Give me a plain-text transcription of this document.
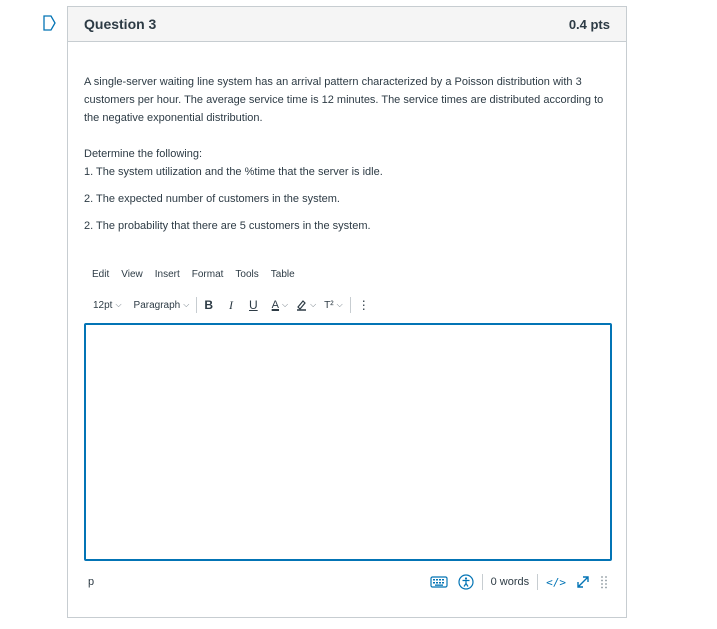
Question 3	0.4 pts

A single-server waiting line system has an arrival pattern characterized by a Poisson distribution with 3 customers per hour. The average service time is 12 minutes. The service times are distributed according to the negative exponential distribution.

Determine the following:

1. The system utilization and the %time that the server is idle.

2. The expected number of customers in the system.

2. The probability that there are 5 customers in the system.

Edit View Insert Format Tools Table
12pt ⌵ Paragraph ⌵ B I U A ⌵	⌵ T² ⌵ ⋮
p	0 words </>
